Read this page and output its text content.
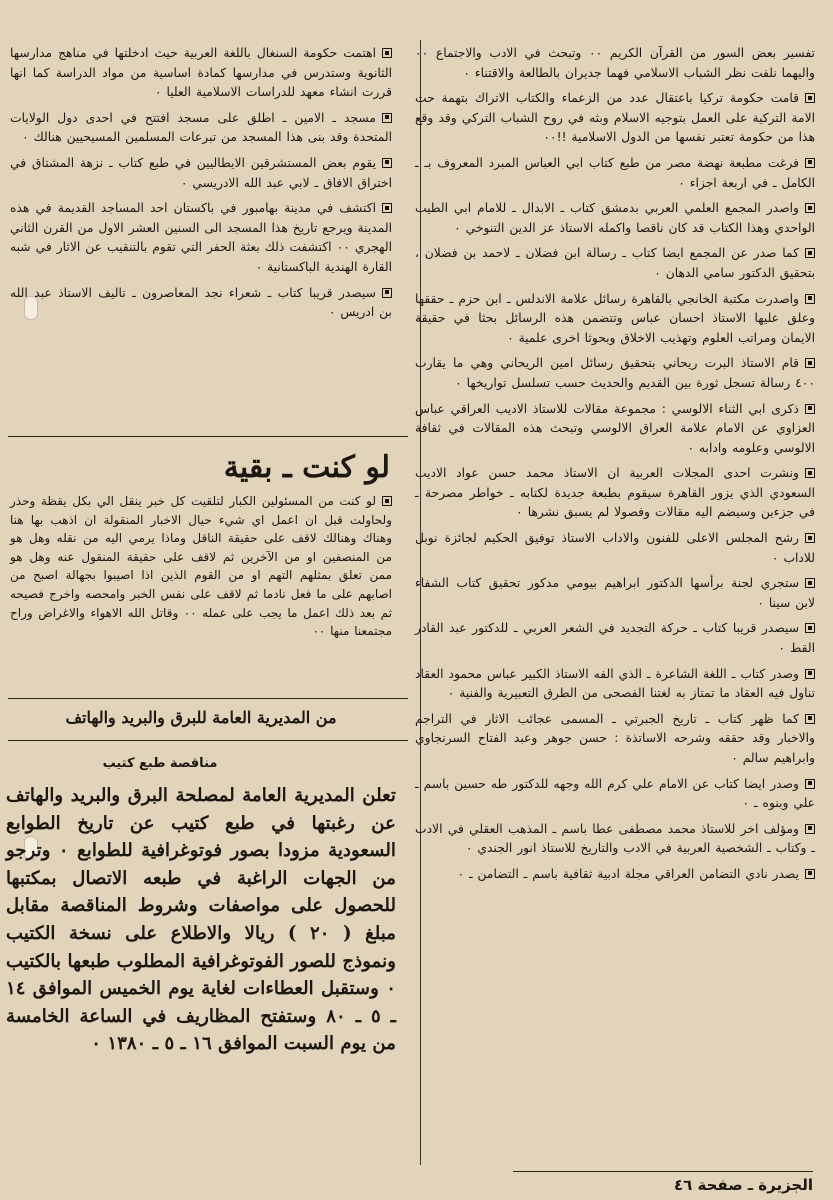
تفسير بعض السور من القرآن الكريم ٠٠ وتبحث في الادب والاجتماع ٠٠ واليهما نلفت نظر الشباب الاسلامي فهما جديران بالطالعة والاقتناء ٠

قامت حكومة تركيا باعتقال عدد من الزعماء والكتاب الاتراك بتهمة حث الامة التركية على العمل بتوجيه الاسلام وبثه في روح الشباب التركي وقد وقع هذا من حكومة تعتبر نفسها من الدول الاسلامية !!٠٠

فرغت مطبعة نهضة مصر من طبع كتاب ابي العباس المبرد المعروف بـ ـ الكامل ـ في اربعة اجزاء ٠

واصدر المجمع العلمي العربي بدمشق كتاب ـ الابدال ـ للامام ابي الطيب الواحدي وهذا الكتاب قد كان ناقصا واكمله الاستاذ عز الدين التنوخي ٠

كما صدر عن المجمع ايضا كتاب ـ رسالة ابن فضلان ـ لاحمد بن فضلان ، بتحقيق الدكتور سامي الدهان ٠

واصدرت مكتبة الخانجي بالقاهرة رسائل علامة الاندلس ـ ابن حزم ـ حققها وعلق عليها الاستاذ احسان عباس وتتضمن هذه الرسائل بحثا في حقيقة الايمان ومراتب العلوم وتهذيب الاخلاق وبحوثا اخرى علمية ٠

قام الاستاذ البرت ريحاني بتحقيق رسائل امين الريحاني وهي ما يقارب ٤٠٠ رسالة تسجل ثورة بين القديم والحديث حسب تسلسل تواريخها ٠

ذكرى ابي الثناء الالوسي : مجموعة مقالات للاستاذ الاديب العراقي عباس العزاوي عن الامام علامة العراق الالوسي وتبحث هذه المقالات في ثقافة الالوسي وعلومه وادابه ٠

ونشرت احدى المجلات العربية ان الاستاذ محمد حسن عواد الاديب السعودي الذي يزور القاهرة سيقوم بطبعة جديدة لكتابه ـ خواطر مصرحة ـ في جزءين وسيضم اليه مقالات وفصولا لم يسبق نشرها ٠

رشح المجلس الاعلى للفنون والاداب الاستاذ توفيق الحكيم لجائزة نوبل للاداب ٠

ستجري لجنة برأسها الدكتور ابراهيم بيومي مدكور تحقيق كتاب الشفاء لابن سينا ٠

سيصدر قريبا كتاب ـ حركة التجديد في الشعر العربي ـ للدكتور عبد القادر القط ٠

وصدر كتاب ـ اللغة الشاعرة ـ الذي الفه الاستاذ الكبير عباس محمود العقاد تناول فيه العقاد ما تمتاز به لغتنا الفصحى من الطرق التعبيرية والفنية ٠

كما ظهر كتاب ـ تاريخ الجبرتي ـ المسمى عجائب الاثار في التراجم والاخبار وقد حققه وشرحه الاساتذة : حسن جوهر وعبد الفتاح السرنجاوي وابراهيم سالم ٠

وصدر ايضا كتاب عن الامام علي كرم الله وجهه للدكتور طه حسين باسم ـ علي وبنوه ـ ٠

ومؤلف اخر للاستاذ محمد مصطفى عطا باسم ـ المذهب العقلي في الادب ـ وكتاب ـ الشخصية العربية في الادب والتاريخ للاستاذ انور الجندي ٠

يصدر نادي التضامن العراقي مجلة ادبية ثقافية باسم ـ التضامن ـ ٠

اهتمت حكومة السنغال باللغة العربية حيث ادخلتها في مناهج مدارسها الثانوية وستدرس في مدارسها كمادة اساسية من مواد الدراسة كما انها قررت انشاء معهد للدراسات الاسلامية العليا ٠

مسجد ـ الامين ـ اطلق على مسجد افتتح في احدى دول الولايات المتحدة وقد بنى هذا المسجد من تبرعات المسلمين المسيحيين هنالك ٠

يقوم بعض المستشرقين الايطاليين في طبع كتاب ـ نزهة المشتاق في اختراق الافاق ـ لابي عبد الله الادريسي ٠

اكتشف في مدينة بهامبور في باكستان احد المساجد القديمة في هذه المدينة ويرجع تاريخ هذا المسجد الى السنين العشر الاول من القرن الثاني الهجري ٠٠ اكتشفت ذلك بعثة الحفر التي تقوم بالتنقيب عن الاثار في شبه القارة الهندية الباكستانية ٠

سيصدر قريبا كتاب ـ شعراء نجد المعاصرون ـ تاليف الاستاذ عبد الله بن ادريس ٠

لو كنت ـ بقية

لو كنت من المسئولين الكبار لتلقيت كل خبر ينقل الي بكل يقظة وحذر ولحاولت قبل ان اعمل اي شيء حيال الاخبار المنقولة ان اذهب بها هنا وهناك وهنالك لاقف على حقيقة الناقل وماذا يرمي اليه من نقله وهل هو من المنصفين او من الآخرين ثم لاقف على حقيقة المنقول عنه وهل هو ممن تعلق بمثلهم التهم او من القوم الذين اذا اصيبوا بجهالة اصبح من اصابهم على ما فعل نادما ثم لاقف على نفس الخبر وامحصه واخرج فصيحه ثم بعد ذلك اعمل ما يجب على عمله ٠٠ وقاتل الله الاهواء والاغراض وراح مجتمعنا منها ٠٠

من المديرية العامة للبرق والبريد والهاتف
مناقصة طبع كتيب
تعلن المديرية العامة لمصلحة البرق والبريد والهاتف عن رغبتها في طبع كتيب عن تاريخ الطوابع السعودية مزودا بصور فوتوغرافية للطوابع ٠ وترجو من الجهات الراغبة في طبعه الاتصال بمكتبها للحصول على مواصفات وشروط المناقصة مقابل مبلغ ( ٢٠ ) ريالا والاطلاع على نسخة الكتيب ونموذج للصور الفوتوغرافية المطلوب طبعها بالكتيب ٠ وستقبل العطاءات لغاية يوم الخميس الموافق ١٤ ـ ٥ ـ ٨٠ وستفتح المظاريف في الساعة الخامسة من يوم السبت الموافق ١٦ ـ ٥ ـ ١٣٨٠ ٠
الجزيرة ـ صفحة ٤٦
